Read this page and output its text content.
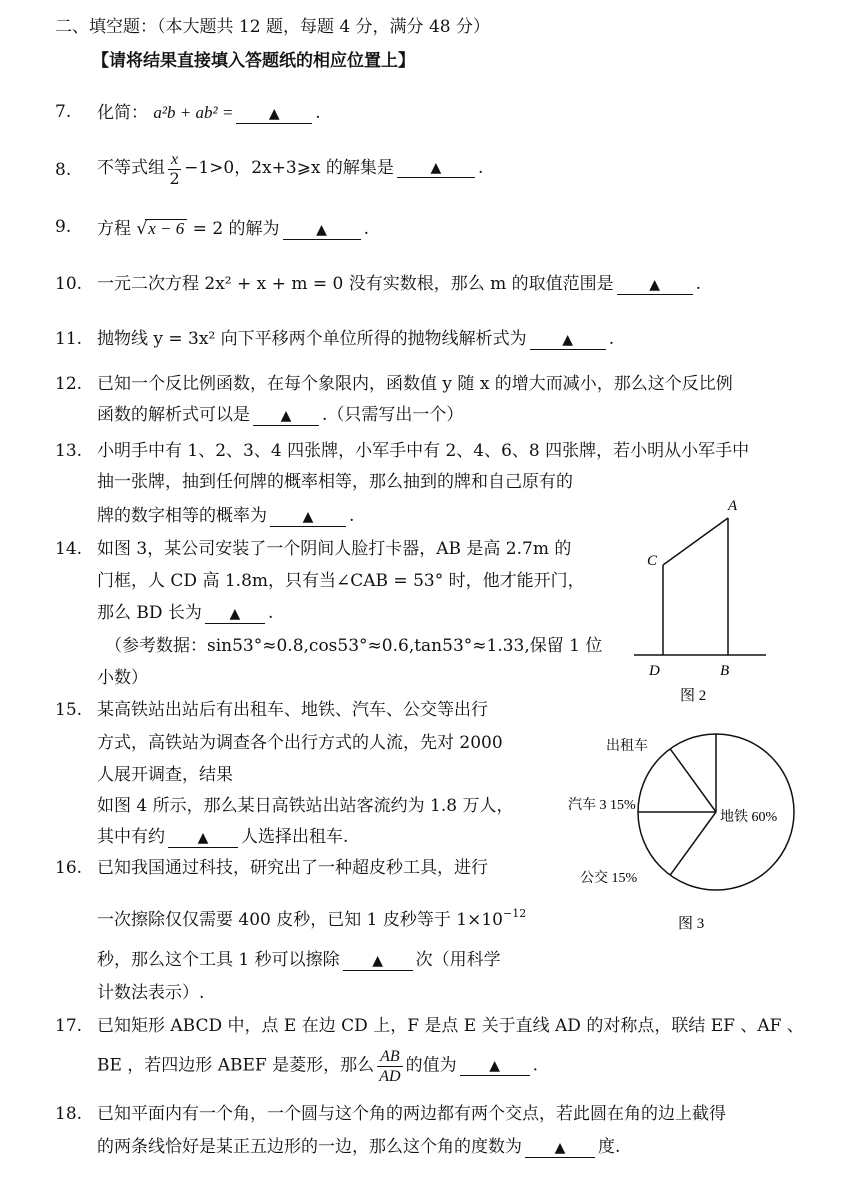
二、填空题：（本大题共 12 题，每题 4 分，满分 48 分）
【请将结果直接填入答题纸的相应位置上】
7. 化简： a²b + ab² =	▲ .
8. 不等式组 $\frac{x}{2} -1>0$，2x+3⩾x 的解集是	▲ .
9. 方程 √x − 6 = 2 的解为	▲ .
10. 一元二次方程 2x² + x + m = 0 没有实数根，那么 m 的取值范围是	▲ .
11. 抛物线 y = 3x² 向下平移两个单位所得的抛物线解析式为	▲ .
12. 已知一个反比例函数，在每个象限内，函数值 y 随 x 的增大而减小，那么这个反比例
函数的解析式可以是 ▲ .（只需写出一个）
13. 小明手中有 1、2、3、4 四张牌，小军手中有 2、4、6、8 四张牌，若小明从小军手中
抽一张牌，抽到任何牌的概率相等，那么抽到的牌和自己原有的
牌的数字相等的概率为	▲ .
14. 如图 3，某公司安装了一个阴间人脸打卡器，AB 是高 2.7m 的
门框，人 CD 高 1.8m，只有当∠CAB = 53° 时，他才能开门，
那么 BD 长为 ▲ .
（参考数据：sin53°≈0.8,cos53°≈0.6,tan53°≈1.33,保留 1 位
小数）
A
C
D	B
图 2
15. 某高铁站出站后有出租车、地铁、汽车、公交等出行
方式，高铁站为调查各个出行方式的人流，先对 2000
人展开调查，结果
如图 4 所示，那么某日高铁站出站客流约为 1.8 万人，
其中有约 ▲ 人选择出租车.
出租车
汽车 3 15%
地铁 60%
公交 15%
图 3
16. 已知我国通过科技，研究出了一种超皮秒工具，进行
一次擦除仅仅需要 400 皮秒，已知 1 皮秒等于 $1\times 10^{-12}$
秒，那么这个工具 1 秒可以擦除 ▲ 次（用科学
计数法表示）.
17. 已知矩形 ABCD 中，点 E 在边 CD 上，F 是点 E 关于直线 AD 的对称点，联结 EF 、AF 、
BE ，若四边形 ABEF 是菱形，那么 $\frac{AB}{AD}$ 的值为 ▲ .
18. 已知平面内有一个角，一个圆与这个角的两边都有两个交点，若此圆在角的边上截得
的两条线恰好是某正五边形的一边，那么这个角的度数为 ▲ 度.
